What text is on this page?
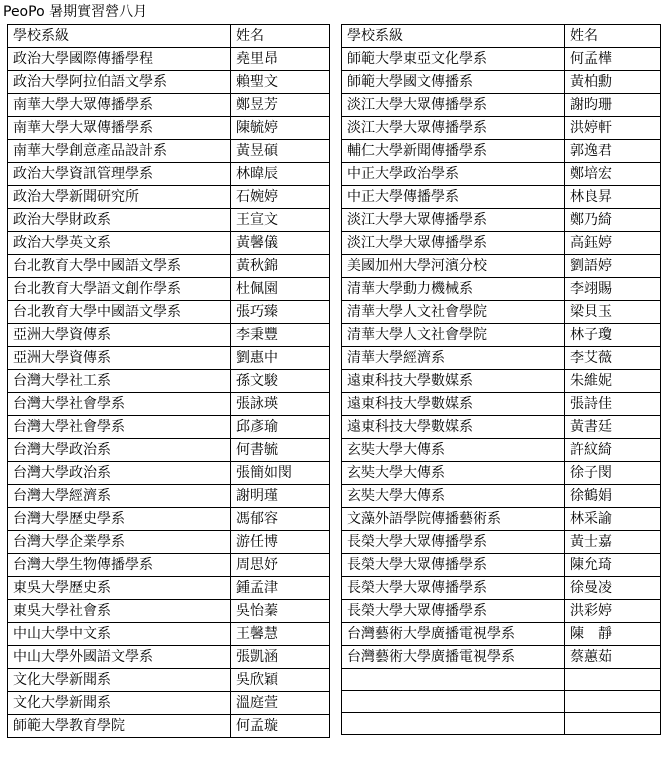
PeoPo 暑期實習營八月
學校系級	姓名
政治大學國際傳播學程	堯里昂
政治大學阿拉伯語文學系	賴聖文
南華大學大眾傳播學系	鄭昱芳
南華大學大眾傳播學系	陳毓婷
南華大學創意產品設計系	黃昱碩
政治大學資訊管理學系	林暐辰
政治大學新聞研究所	石婉婷
政治大學財政系	王宣文
政治大學英文系	黃馨儀
台北教育大學中國語文學系	黃秋錦
台北教育大學語文創作學系	杜佩園
台北教育大學中國語文學系	張巧臻
亞洲大學資傳系	李秉豐
亞洲大學資傳系	劉惠中
台灣大學社工系	孫文駿
台灣大學社會學系	張詠瑛
台灣大學社會學系	邱彥瑜
台灣大學政治系	何書毓
台灣大學政治系	張簡如閔
台灣大學經濟系	謝明瑾
台灣大學歷史學系	馮郁容
台灣大學企業學系	游任博
台灣大學生物傳播學系	周思妤
東吳大學歷史系	鍾孟津
東吳大學社會系	吳怡蓁
中山大學中文系	王馨慧
中山大學外國語文學系	張凱涵
文化大學新聞系	吳欣穎
文化大學新聞系	溫庭萱
師範大學教育學院	何孟璇
學校系級	姓名
師範大學東亞文化學系	何孟樺
師範大學國文傳播系	黃柏勳
淡江大學大眾傳播學系	謝昀珊
淡江大學大眾傳播學系	洪婷軒
輔仁大學新聞傳播學系	郭逸君
中正大學政治學系	鄭培宏
中正大學傳播學系	林良昇
淡江大學大眾傳播學系	鄭乃綺
淡江大學大眾傳播學系	高鈺婷
美國加州大學河濱分校	劉語婷
清華大學動力機械系	李翊賜
清華大學人文社會學院	梁貝玉
清華大學人文社會學院	林子瓊
清華大學經濟系	李艾薇
遠東科技大學數媒系	朱維妮
遠東科技大學數媒系	張詩佳
遠東科技大學數媒系	黃書廷
玄奘大學大傳系	許紋綺
玄奘大學大傳系	徐子閔
玄奘大學大傳系	徐鶴娟
文藻外語學院傳播藝術系	林采諭
長榮大學大眾傳播學系	黃士嘉
長榮大學大眾傳播學系	陳允琦
長榮大學大眾傳播學系	徐曼凌
長榮大學大眾傳播學系	洪彩婷
台灣藝術大學廣播電視學系	陳　靜
台灣藝術大學廣播電視學系	蔡蕙茹
